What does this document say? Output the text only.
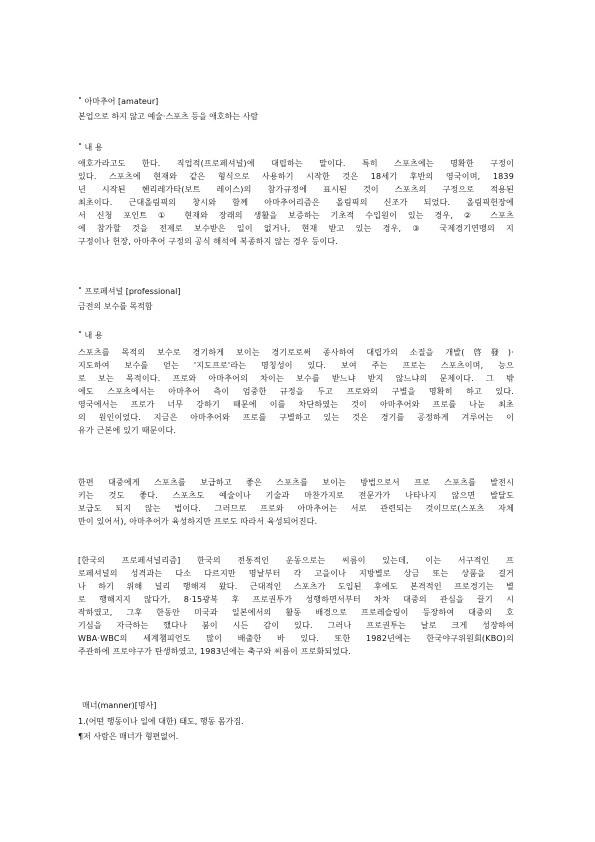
˚ 아마추어 [amateur]
본업으로 하지 않고 예술·스포츠 등을 애호하는 사람
˚ 내 용
애호가라고도 한다. 직업적(프로페셔널)에 대립하는 말이다. 특히 스포츠에는 명확한 구정이
있다. 스포츠에 현재와 같은 형식으로 사용하기 시작한 것은 18세기 후반의 영국이며, 1839
년 시작된 헨리레가타(보트 레이스)의 참가규정에 표시된 것이 스포츠의 구정으로 적용된
최초이다. 근대올림픽의 창시와 함께 아마추어리즘은 올림픽의 신조가 되었다. 올림픽헌장에
서 신청 포인트 ① 현재와 장래의 생활을 보증하는 기초적 수입원이 있는 경우, ② 스포츠
에 참가할 것을 전제로 보수받은 일이 없거나, 현재 받고 있는 경우, ③ 국제경기연맹의 지
구정이나 헌장, 아마추어 구정의 공식 해석에 복종하지 않는 경우 등이다.
˚ 프로페셔널 [professional]
금전의 보수를 목적함
˚ 내 용
스포츠를 목적의 보수로 경기하게 보이는 경기로로써 종사하여 대립가의 소질을 개발(啓發)·
지도하여 보수를 얻는 '지도프로'라는 명칭성이 있다. 보여 주는 프로는 스포츠이며, 능으
로 보는 목적이다. 프로와 아마추어의 차이는 보수를 받느냐 받지 않느냐의 문제이다. 그 밖
에도 스포츠에서는 아마추어 측이 엄중한 규정을 두고 프로와의 구별을 명확히 하고 있다.
영국에서는 프로가 너무 강하기 때문에 이를 차단하였는 것이 아마추어와 프로를 나눈 최초
의 원인이었다. 지금은 아마추어와 프로를 구별하고 있는 것은 경기를 공정하게 겨루어는 이
유가 근본에 있기 때문이다.
한편 대중에게 스포츠를 보급하고 좋은 스포츠를 보이는 방법으로서 프로 스포츠를 발전시
키는 것도 좋다. 스포츠도 예술이나 기술과 마찬가지로 전문가가 나타나지 않으면 발달도
보급도 되지 않는 법이다. 그러므로 프로와 아마추어는 서로 관련되는 것이므로(스포츠 자체
만이 있어서), 아마추어가 육성하지만 프로도 따라서 육성되어진다.
[한국의 프로페셔널리즘] 한국의 전통적인 운동으로는 씨름이 있는데, 이는 서구적인 프
로페셔널의 성격과는 다소 다르지만 명날부터 각 고을이나 지방별로 상금 또는 상품을 걸거
나 하기 위해 널리 행해져 왔다. 근대적인 스포츠가 도입된 후에도 본격적인 프로경기는 별
로 행해지지 않다가, 8·15광복 후 프로권투가 성행하면서부터 차차 대중의 관심을 끌기 시
작하였고, 그후 한동안 미국과 일본에서의 활동 배경으로 프로레슬링이 등장하여 대중의 호
기심을 자극하는 했다나 붐이 시든 감이 있다. 그러나 프로권투는 날로 크게 성장하여
WBA·WBC의 세계챔피언도 많이 배출한 바 있다. 또한 1982년에는 한국야구위원회(KBO)의
주관하에 프로야구가 탄생하였고, 1983년에는 축구와 씨름이 프로화되었다.
매너(manner)[명사]
1.(어떤 행동이나 일에 대한) 태도, 행동 몸가짐.
¶저 사람은 매너가 형편없어.
